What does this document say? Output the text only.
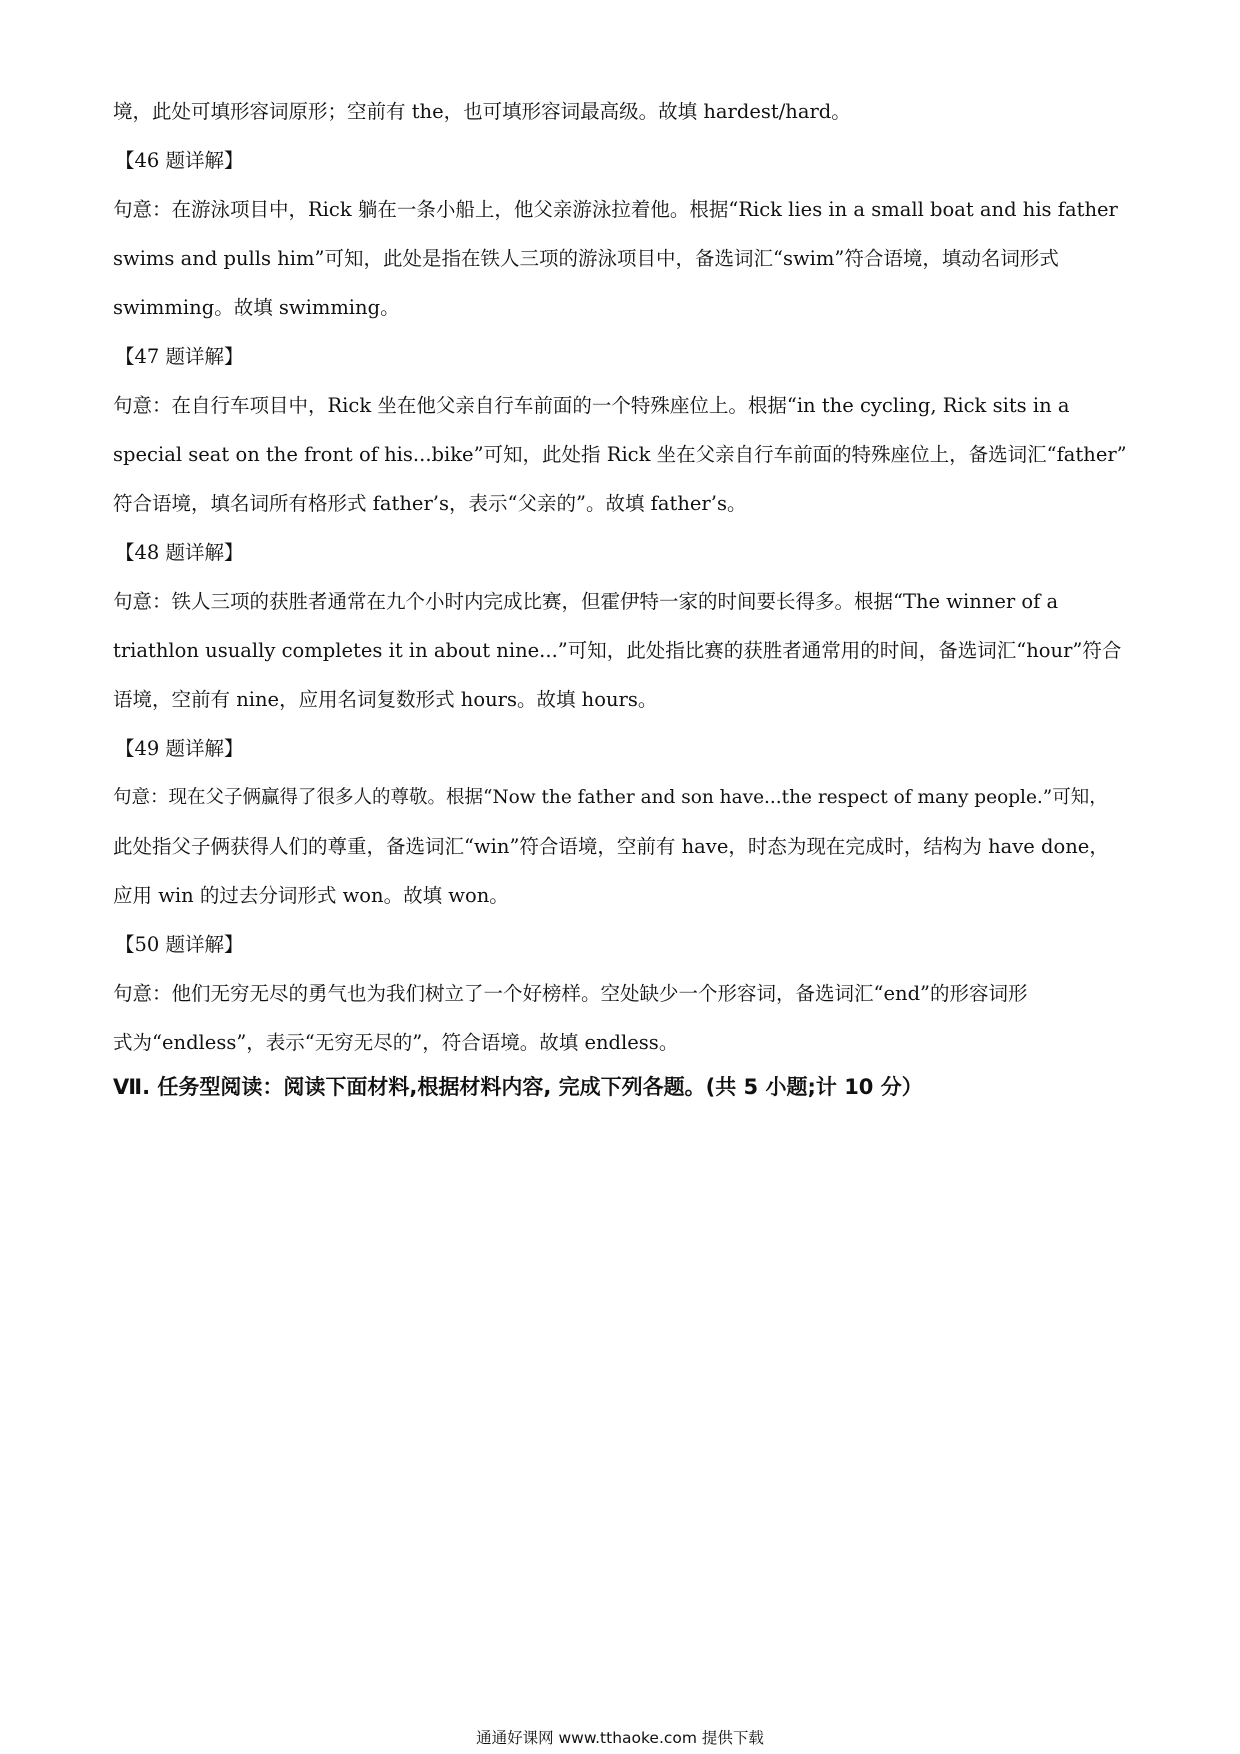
境，此处可填形容词原形；空前有 the，也可填形容词最高级。故填 hardest/hard。
【46 题详解】
句意：在游泳项目中，Rick 躺在一条小船上，他父亲游泳拉着他。根据“Rick lies in a small boat and his father
swims and pulls him”可知，此处是指在铁人三项的游泳项目中，备选词汇“swim”符合语境，填动名词形式
swimming。故填 swimming。
【47 题详解】
句意：在自行车项目中，Rick 坐在他父亲自行车前面的一个特殊座位上。根据“in the cycling, Rick sits in a
special seat on the front of his...bike”可知，此处指 Rick 坐在父亲自行车前面的特殊座位上，备选词汇“father”
符合语境，填名词所有格形式 father’s，表示“父亲的”。故填 father’s。
【48 题详解】
句意：铁人三项的获胜者通常在九个小时内完成比赛，但霍伊特一家的时间要长得多。根据“The winner of a
triathlon usually completes it in about nine...”可知，此处指比赛的获胜者通常用的时间，备选词汇“hour”符合
语境，空前有 nine，应用名词复数形式 hours。故填 hours。
【49 题详解】
句意：现在父子俩赢得了很多人的尊敬。根据“Now the father and son have...the respect of many people.”可知，
此处指父子俩获得人们的尊重，备选词汇“win”符合语境，空前有 have，时态为现在完成时，结构为 have done，
应用 win 的过去分词形式 won。故填 won。
【50 题详解】
句意：他们无穷无尽的勇气也为我们树立了一个好榜样。空处缺少一个形容词，备选词汇“end”的形容词形
式为“endless”，表示“无穷无尽的”，符合语境。故填 endless。
Ⅶ. 任务型阅读：阅读下面材料,根据材料内容, 完成下列各题。(共 5 小题;计 10 分）
通通好课网 www.tthaoke.com 提供下载
